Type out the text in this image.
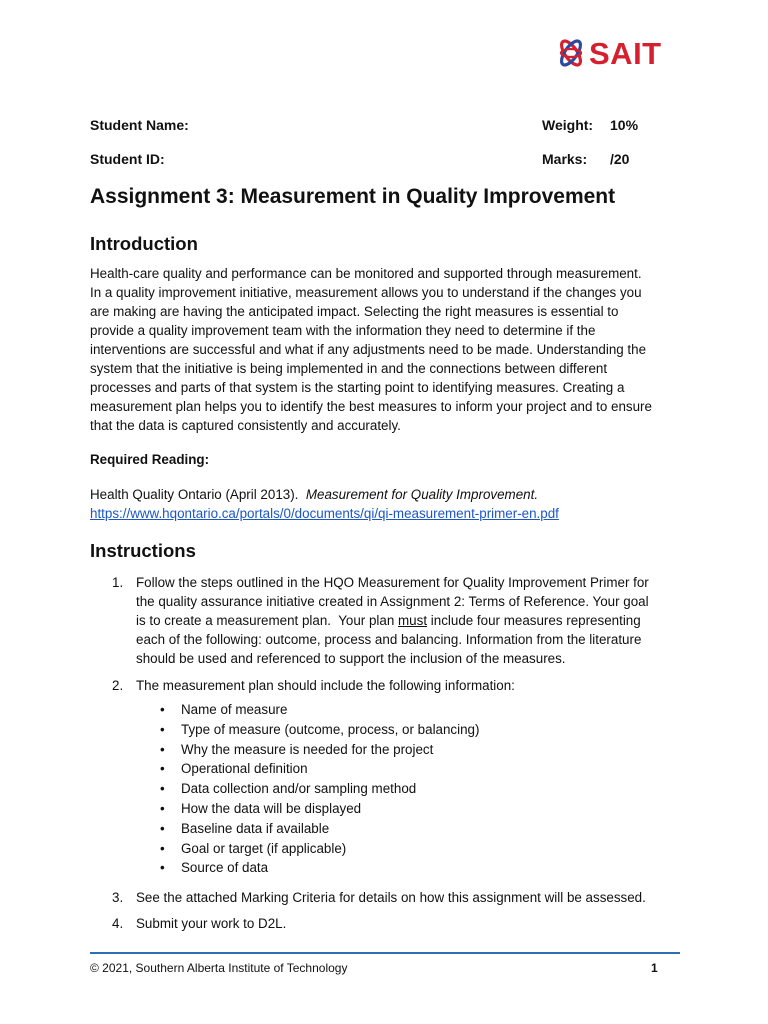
SAIT
Student Name:	Weight: 10%
Student ID:	Marks: /20
Assignment 3: Measurement in Quality Improvement
Introduction
Health-care quality and performance can be monitored and supported through measurement.
In a quality improvement initiative, measurement allows you to understand if the changes you
are making are having the anticipated impact. Selecting the right measures is essential to
provide a quality improvement team with the information they need to determine if the
interventions are successful and what if any adjustments need to be made. Understanding the
system that the initiative is being implemented in and the connections between different
processes and parts of that system is the starting point to identifying measures. Creating a
measurement plan helps you to identify the best measures to inform your project and to ensure
that the data is captured consistently and accurately.
Required Reading:
Health Quality Ontario (April 2013).  Measurement for Quality Improvement.
https://www.hqontario.ca/portals/0/documents/qi/qi-measurement-primer-en.pdf
Instructions
1. Follow the steps outlined in the HQO Measurement for Quality Improvement Primer for
the quality assurance initiative created in Assignment 2: Terms of Reference. Your goal
is to create a measurement plan.  Your plan must include four measures representing
each of the following: outcome, process and balancing. Information from the literature
should be used and referenced to support the inclusion of the measures.
2. The measurement plan should include the following information:
• Name of measure
• Type of measure (outcome, process, or balancing)
• Why the measure is needed for the project
• Operational definition
• Data collection and/or sampling method
• How the data will be displayed
• Baseline data if available
• Goal or target (if applicable)
• Source of data
3. See the attached Marking Criteria for details on how this assignment will be assessed.
4. Submit your work to D2L.
© 2021, Southern Alberta Institute of Technology	1
